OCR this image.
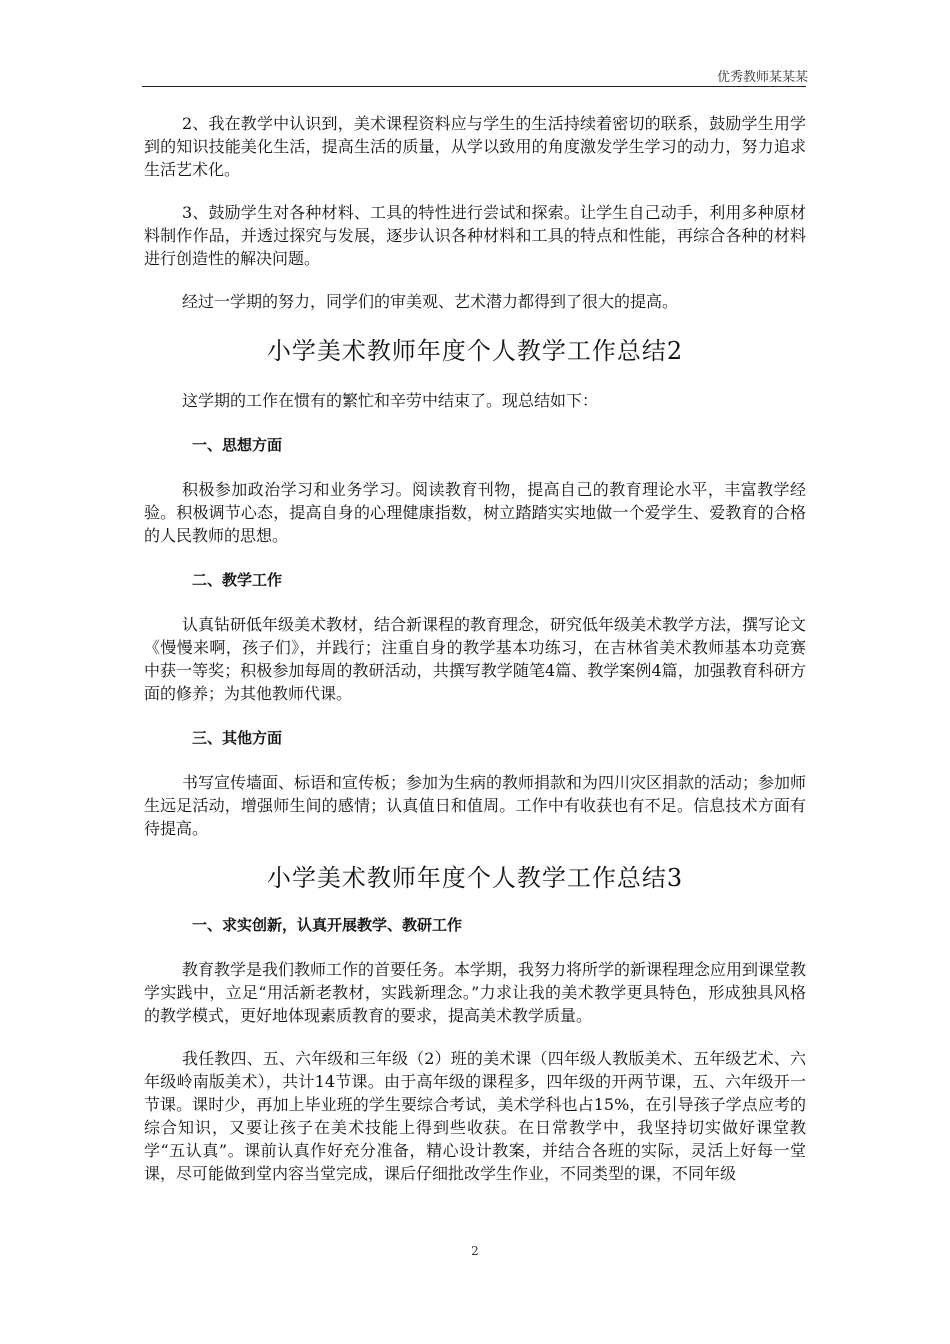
优秀教师某某某

2、我在教学中认识到，美术课程资料应与学生的生活持续着密切的联系，鼓励学生用学到的知识技能美化生活，提高生活的质量，从学以致用的角度激发学生学习的动力，努力追求生活艺术化。

3、鼓励学生对各种材料、工具的特性进行尝试和探索。让学生自己动手，利用多种原材料制作作品，并透过探究与发展，逐步认识各种材料和工具的特点和性能，再综合各种的材料进行创造性的解决问题。

经过一学期的努力，同学们的审美观、艺术潜力都得到了很大的提高。

小学美术教师年度个人教学工作总结2

这学期的工作在惯有的繁忙和辛劳中结束了。现总结如下：

一、思想方面

积极参加政治学习和业务学习。阅读教育刊物，提高自己的教育理论水平，丰富教学经验。积极调节心态，提高自身的心理健康指数，树立踏踏实实地做一个爱学生、爱教育的合格的人民教师的思想。

二、教学工作

认真钻研低年级美术教材，结合新课程的教育理念，研究低年级美术教学方法，撰写论文《慢慢来啊，孩子们》，并践行；注重自身的教学基本功练习，在吉林省美术教师基本功竞赛中获一等奖；积极参加每周的教研活动，共撰写教学随笔4篇、教学案例4篇，加强教育科研方面的修养；为其他教师代课。

三、其他方面

书写宣传墙面、标语和宣传板；参加为生病的教师捐款和为四川灾区捐款的活动；参加师生远足活动，增强师生间的感情；认真值日和值周。工作中有收获也有不足。信息技术方面有待提高。

小学美术教师年度个人教学工作总结3
一、求实创新，认真开展教学、教研工作

教育教学是我们教师工作的首要任务。本学期，我努力将所学的新课程理念应用到课堂教学实践中，立足“用活新老教材，实践新理念。”力求让我的美术教学更具特色，形成独具风格的教学模式，更好地体现素质教育的要求，提高美术教学质量。

我任教四、五、六年级和三年级（2）班的美术课（四年级人教版美术、五年级艺术、六年级岭南版美术），共计14节课。由于高年级的课程多，四年级的开两节课，五、六年级开一节课。课时少，再加上毕业班的学生要综合考试，美术学科也占15%，在引导孩子学点应考的综合知识，又要让孩子在美术技能上得到些收获。在日常教学中，我坚持切实做好课堂教学“五认真”。课前认真作好充分准备，精心设计教案，并结合各班的实际，灵活上好每一堂课，尽可能做到堂内容当堂完成，课后仔细批改学生作业，不同类型的课，不同年级

2
